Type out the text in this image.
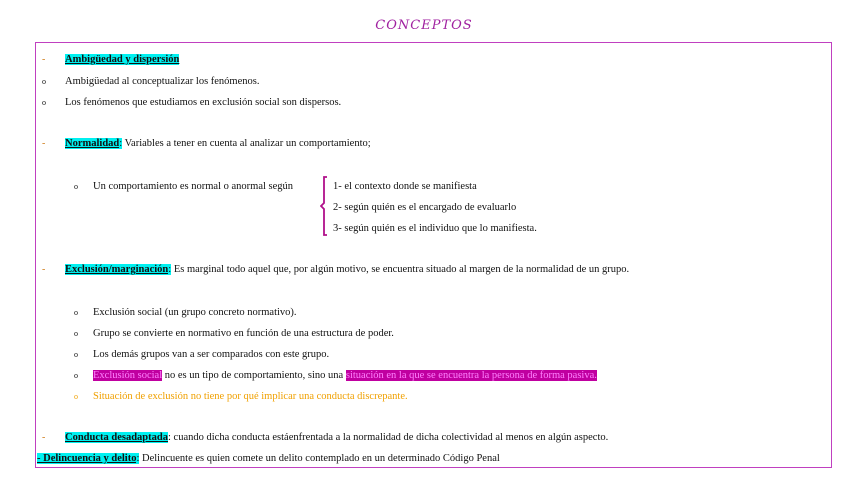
CONCEPTOS
- Ambigüedad y dispersión
o Ambigüedad al conceptualizar los fenómenos.
o Los fenómenos que estudiamos en exclusión social son dispersos.
- Normalidad: Variables a tener en cuenta al analizar un comportamiento;
o Un comportamiento es normal o anormal según	1- el contexto donde se manifiesta
2- según quién es el encargado de evaluarlo
3- según quién es el individuo que lo manifiesta.
- Exclusión/marginación: Es marginal todo aquel que, por algún motivo, se encuentra situado al margen de la normalidad de un grupo.
o Exclusión social (un grupo concreto normativo).
o Grupo se convierte en normativo en función de una estructura de poder.
o Los demás grupos van a ser comparados con este grupo.
o Exclusión social no es un tipo de comportamiento, sino una situación en la que se encuentra la persona de forma pasiva.
o Situación de exclusión no tiene por qué implicar una conducta discrepante.
- Conducta desadaptada: cuando dicha conducta estáenfrentada a la normalidad de dicha colectividad al menos en algún aspecto.
- Delincuencia y delito: Delincuente es quien comete un delito contemplado en un determinado Código Penal
